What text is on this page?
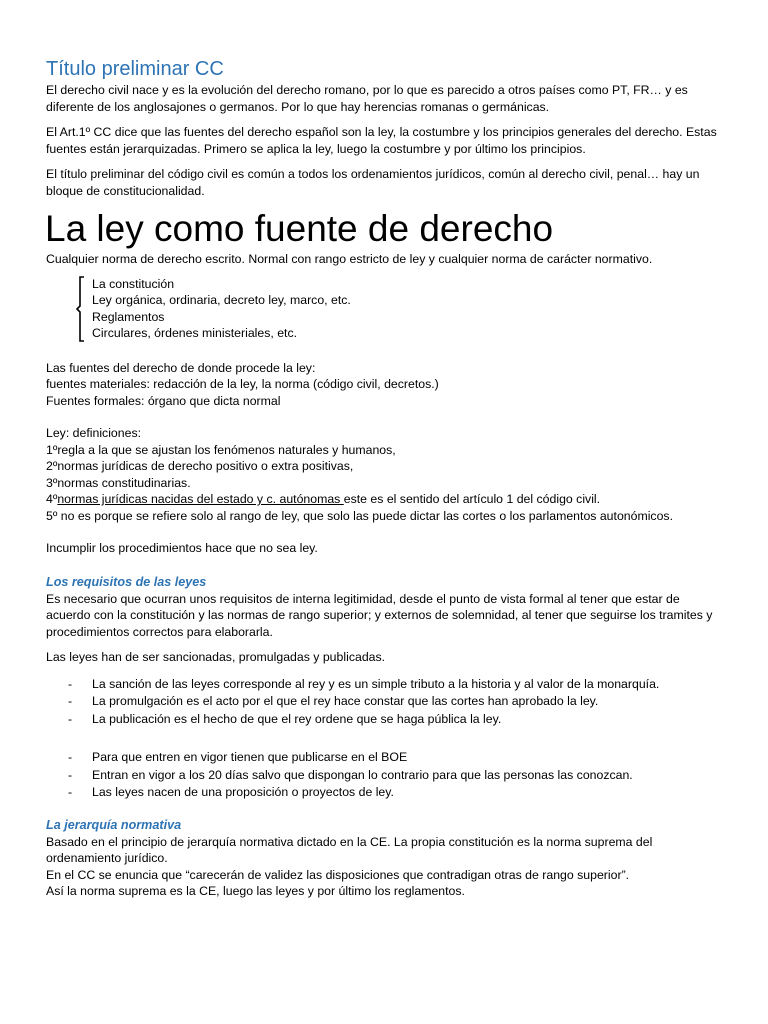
Título preliminar CC

El derecho civil nace y es la evolución del derecho romano, por lo que es parecido a otros países como PT, FR… y es diferente de los anglosajones o germanos. Por lo que hay herencias romanas o germánicas.

El Art.1º CC dice que las fuentes del derecho español son la ley, la costumbre y los principios generales del derecho. Estas fuentes están jerarquizadas. Primero se aplica la ley, luego la costumbre y por último los principios.

El título preliminar del código civil es común a todos los ordenamientos jurídicos, común al derecho civil, penal… hay un bloque de constitucionalidad.

La ley como fuente de derecho

Cualquier norma de derecho escrito. Normal con rango estricto de ley y cualquier norma de carácter normativo.

La constitución

Ley orgánica, ordinaria, decreto ley, marco, etc.

Reglamentos

Circulares, órdenes ministeriales, etc.

Las fuentes del derecho de donde procede la ley:

fuentes materiales: redacción de la ley, la norma (código civil, decretos.)

Fuentes formales: órgano que dicta normal

Ley: definiciones:

1ºregla a la que se ajustan los fenómenos naturales y humanos,

2ºnormas jurídicas de derecho positivo o extra positivas,

3ºnormas constitudinarias.

4ºnormas jurídicas nacidas del estado y c. autónomas este es el sentido del artículo 1 del código civil.

5º no es porque se refiere solo al rango de ley, que solo las puede dictar las cortes o los parlamentos autonómicos.

Incumplir los procedimientos hace que no sea ley.

Los requisitos de las leyes

Es necesario que ocurran unos requisitos de interna legitimidad, desde el punto de vista formal al tener que estar de acuerdo con la constitución y las normas de rango superior; y externos de solemnidad, al tener que seguirse los tramites y procedimientos correctos para elaborarla.

Las leyes han de ser sancionadas, promulgadas y publicadas.

- La sanción de las leyes corresponde al rey y es un simple tributo a la historia y al valor de la monarquía.
- La promulgación es el acto por el que el rey hace constar que las cortes han aprobado la ley.
- La publicación es el hecho de que el rey ordene que se haga pública la ley.
- Para que entren en vigor tienen que publicarse en el BOE
- Entran en vigor a los 20 días salvo que dispongan lo contrario para que las personas las conozcan.
- Las leyes nacen de una proposición o proyectos de ley.
La jerarquía normativa

Basado en el principio de jerarquía normativa dictado en la CE. La propia constitución es la norma suprema del ordenamiento jurídico.

En el CC se enuncia que “carecerán de validez las disposiciones que contradigan otras de rango superior”.

Así la norma suprema es la CE, luego las leyes y por último los reglamentos.
